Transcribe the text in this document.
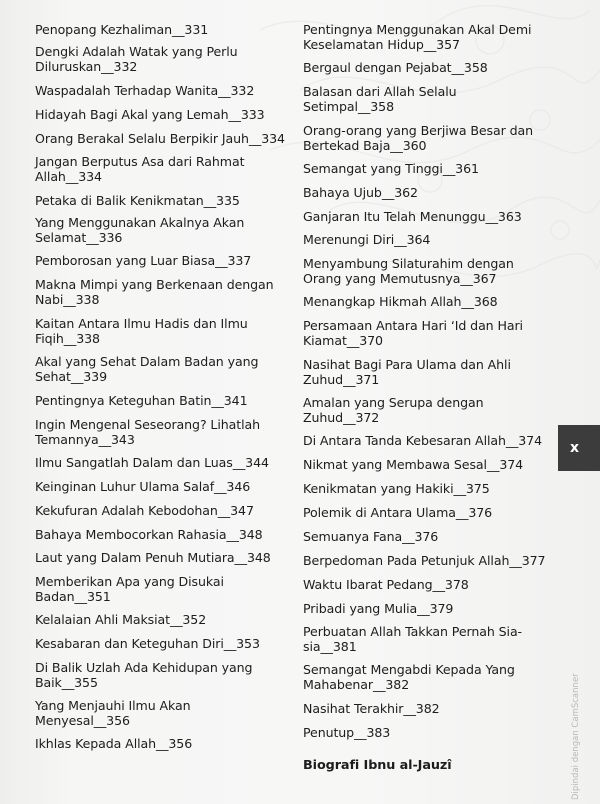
Penopang Kezhaliman__331

Dengki Adalah Watak yang Perlu Diluruskan__332

Waspadalah Terhadap Wanita__332

Hidayah Bagi Akal yang Lemah__333

Orang Berakal Selalu Berpikir Jauh__334

Jangan Berputus Asa dari Rahmat Allah__334

Petaka di Balik Kenikmatan__335

Yang Menggunakan Akalnya Akan Selamat__336

Pemborosan yang Luar Biasa__337

Makna Mimpi yang Berkenaan dengan Nabi__338

Kaitan Antara Ilmu Hadis dan Ilmu Fiqih__338

Akal yang Sehat Dalam Badan yang Sehat__339

Pentingnya Keteguhan Batin__341

Ingin Mengenal Seseorang? Lihatlah Temannya__343

Ilmu Sangatlah Dalam dan Luas__344

Keinginan Luhur Ulama Salaf__346

Kekufuran Adalah Kebodohan__347

Bahaya Membocorkan Rahasia__348

Laut yang Dalam Penuh Mutiara__348

Memberikan Apa yang Disukai Badan__351

Kelalaian Ahli Maksiat__352

Kesabaran dan Keteguhan Diri__353

Di Balik Uzlah Ada Kehidupan yang Baik__355

Yang Menjauhi Ilmu Akan Menyesal__356

Ikhlas Kepada Allah__356

Pentingnya Menggunakan Akal Demi Keselamatan Hidup__357

Bergaul dengan Pejabat__358

Balasan dari Allah Selalu Setimpal__358

Orang-orang yang Berjiwa Besar dan Bertekad Baja__360

Semangat yang Tinggi__361

Bahaya Ujub__362

Ganjaran Itu Telah Menunggu__363

Merenungi Diri__364

Menyambung Silaturahim dengan Orang yang Memutusnya__367

Menangkap Hikmah Allah__368

Persamaan Antara Hari ‘Id dan Hari Kiamat__370

Nasihat Bagi Para Ulama dan Ahli Zuhud__371

Amalan yang Serupa dengan Zuhud__372

Di Antara Tanda Kebesaran Allah__374

Nikmat yang Membawa Sesal__374

Kenikmatan yang Hakiki__375

Polemik di Antara Ulama__376

Semuanya Fana__376

Berpedoman Pada Petunjuk Allah__377

Waktu Ibarat Pedang__378

Pribadi yang Mulia__379

Perbuatan Allah Takkan Pernah Sia-sia__381

Semangat Mengabdi Kepada Yang Mahabenar__382

Nasihat Terakhir__382

Penutup__383

Biografi Ibnu al-Jauzî

x
Dipindai dengan CamScanner
